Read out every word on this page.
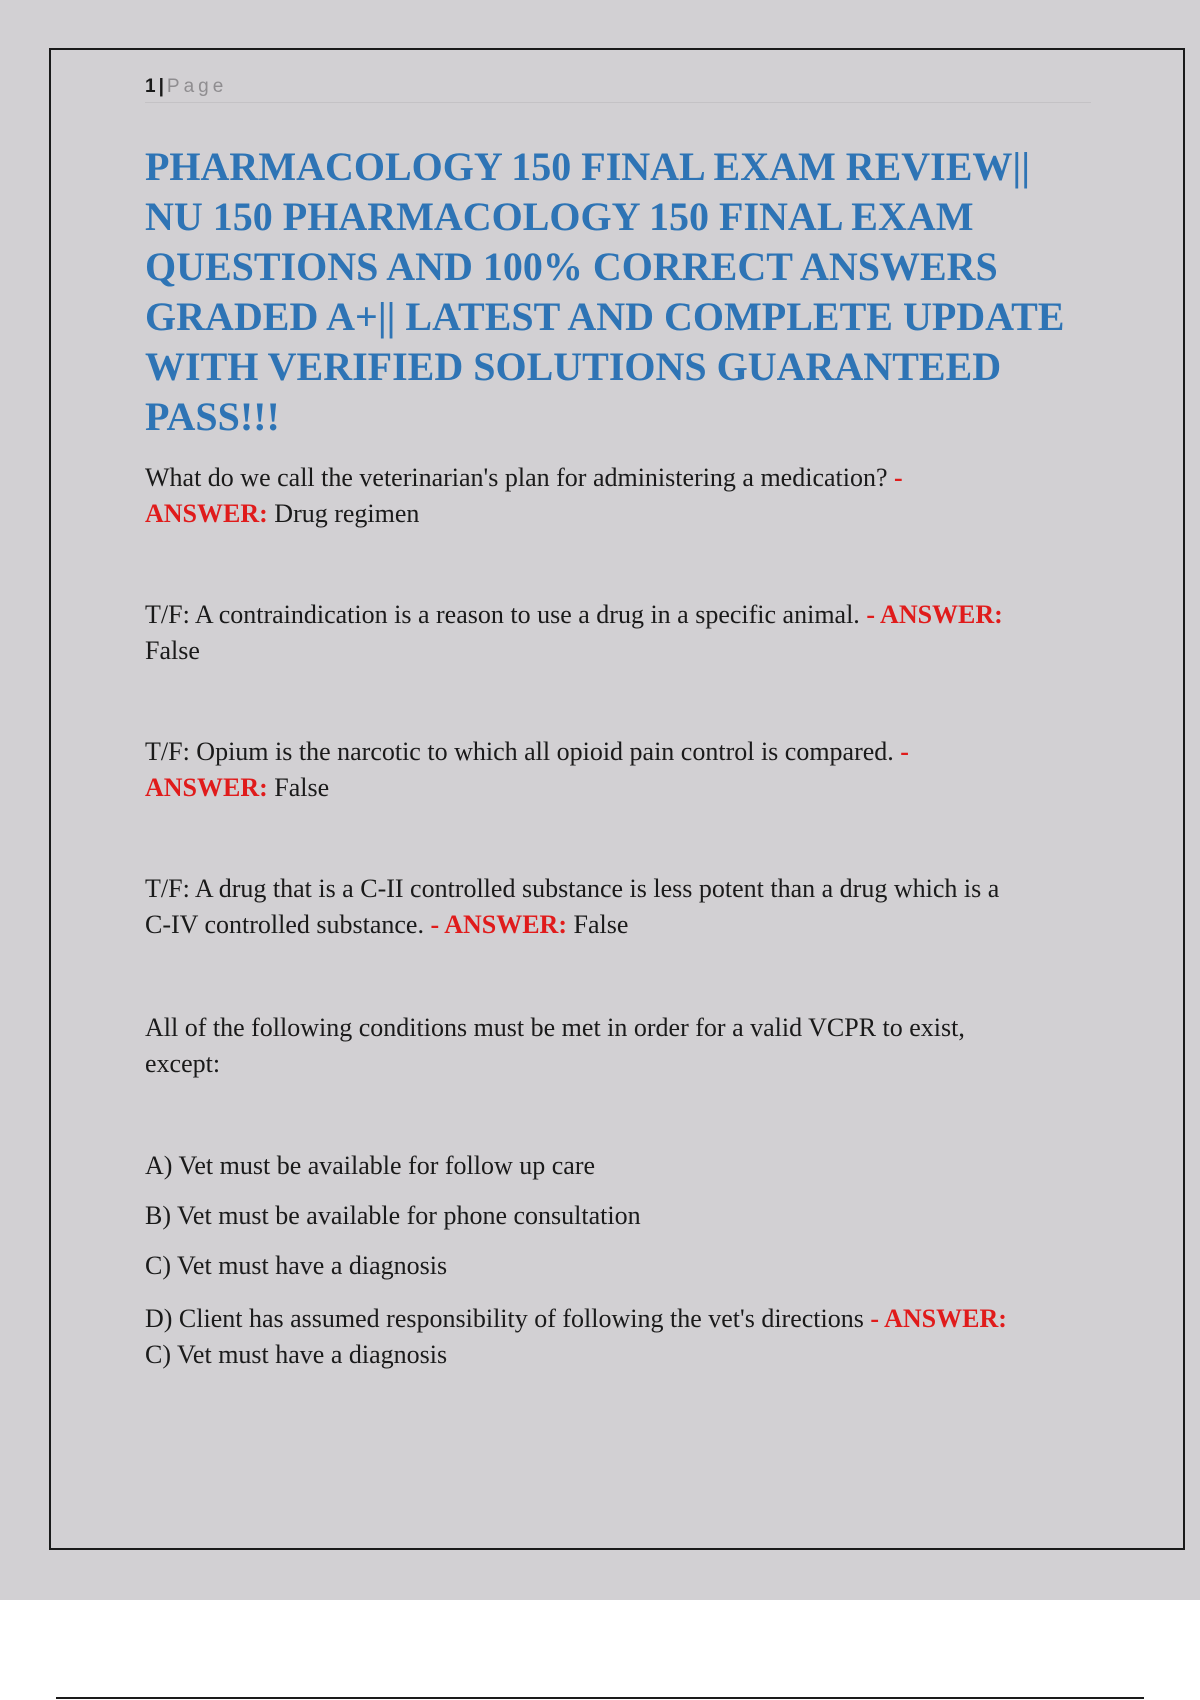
1 | Page
PHARMACOLOGY 150 FINAL EXAM REVIEW||
NU 150 PHARMACOLOGY 150 FINAL EXAM
QUESTIONS AND 100% CORRECT ANSWERS
GRADED A+|| LATEST AND COMPLETE UPDATE
WITH VERIFIED SOLUTIONS GUARANTEED
PASS!!!

What do we call the veterinarian's plan for administering a medication? -
ANSWER: Drug regimen

T/F: A contraindication is a reason to use a drug in a specific animal. - ANSWER:
False

T/F: Opium is the narcotic to which all opioid pain control is compared. -
ANSWER: False

T/F: A drug that is a C-II controlled substance is less potent than a drug which is a
C-IV controlled substance. - ANSWER: False

All of the following conditions must be met in order for a valid VCPR to exist,
except:

A) Vet must be available for follow up care

B) Vet must be available for phone consultation

C) Vet must have a diagnosis

D) Client has assumed responsibility of following the vet's directions - ANSWER:
C) Vet must have a diagnosis
